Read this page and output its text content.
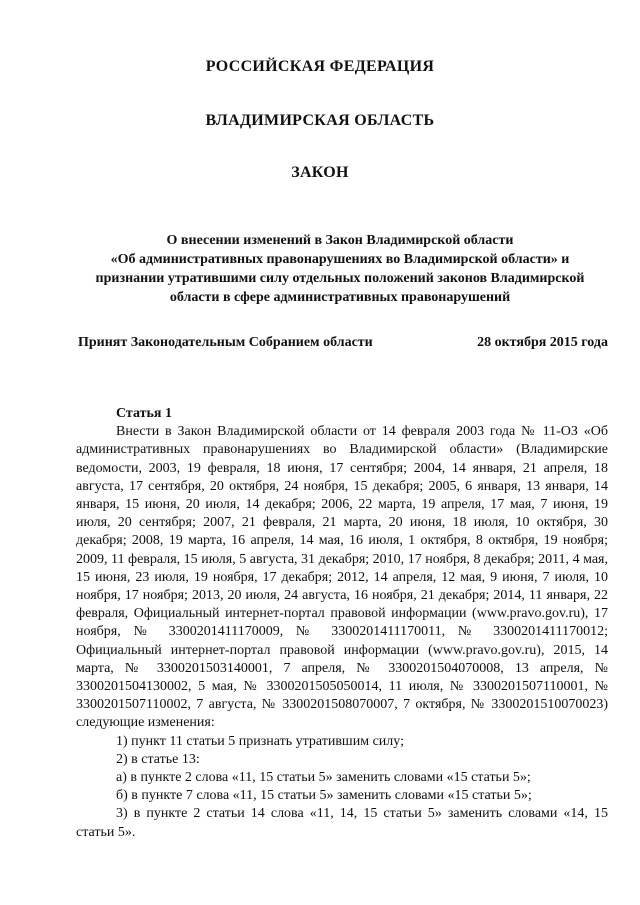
РОССИЙСКАЯ ФЕДЕРАЦИЯ
ВЛАДИМИРСКАЯ ОБЛАСТЬ
ЗАКОН
О внесении изменений в Закон Владимирской области
«Об административных правонарушениях во Владимирской области» и
признании утратившими силу отдельных положений законов Владимирской
области в сфере административных правонарушений
Принят Законодательным Собранием области	28 октября 2015 года

Статья 1

Внести в Закон Владимирской области от 14 февраля 2003 года № 11-ОЗ «Об административных правонарушениях во Владимирской области» (Владимирские ведомости, 2003, 19 февраля, 18 июня, 17 сентября; 2004, 14 января, 21 апреля, 18 августа, 17 сентября, 20 октября, 24 ноября, 15 декабря; 2005, 6 января, 13 января, 14 января, 15 июня, 20 июля, 14 декабря; 2006, 22 марта, 19 апреля, 17 мая, 7 июня, 19 июля, 20 сентября; 2007, 21 февраля, 21 марта, 20 июня, 18 июля, 10 октября, 30 декабря; 2008, 19 марта, 16 апреля, 14 мая, 16 июля, 1 октября, 8 октября, 19 ноября; 2009, 11 февраля, 15 июля, 5 августа, 31 декабря; 2010, 17 ноября, 8 декабря; 2011, 4 мая, 15 июня, 23 июля, 19 ноября, 17 декабря; 2012, 14 апреля, 12 мая, 9 июня, 7 июля, 10 ноября, 17 ноября; 2013, 20 июля, 24 августа, 16 ноября, 21 декабря; 2014, 11 января, 22 февраля, Официальный интернет-портал правовой информации (www.pravo.gov.ru), 17 ноября, № 3300201411170009, № 3300201411170011, № 3300201411170012; Официальный интернет-портал правовой информации (www.pravo.gov.ru), 2015, 14 марта, № 3300201503140001, 7 апреля, № 3300201504070008, 13 апреля, № 3300201504130002, 5 мая, № 3300201505050014, 11 июля, № 3300201507110001, № 3300201507110002, 7 августа, № 3300201508070007, 7 октября, № 3300201510070023) следующие изменения:

1) пункт 11 статьи 5 признать утратившим силу;

2) в статье 13:

а) в пункте 2 слова «11, 15 статьи 5» заменить словами «15 статьи 5»;

б) в пункте 7 слова «11, 15 статьи 5» заменить словами «15 статьи 5»;

3) в пункте 2 статьи 14 слова «11, 14, 15 статьи 5» заменить словами «14, 15 статьи 5».
